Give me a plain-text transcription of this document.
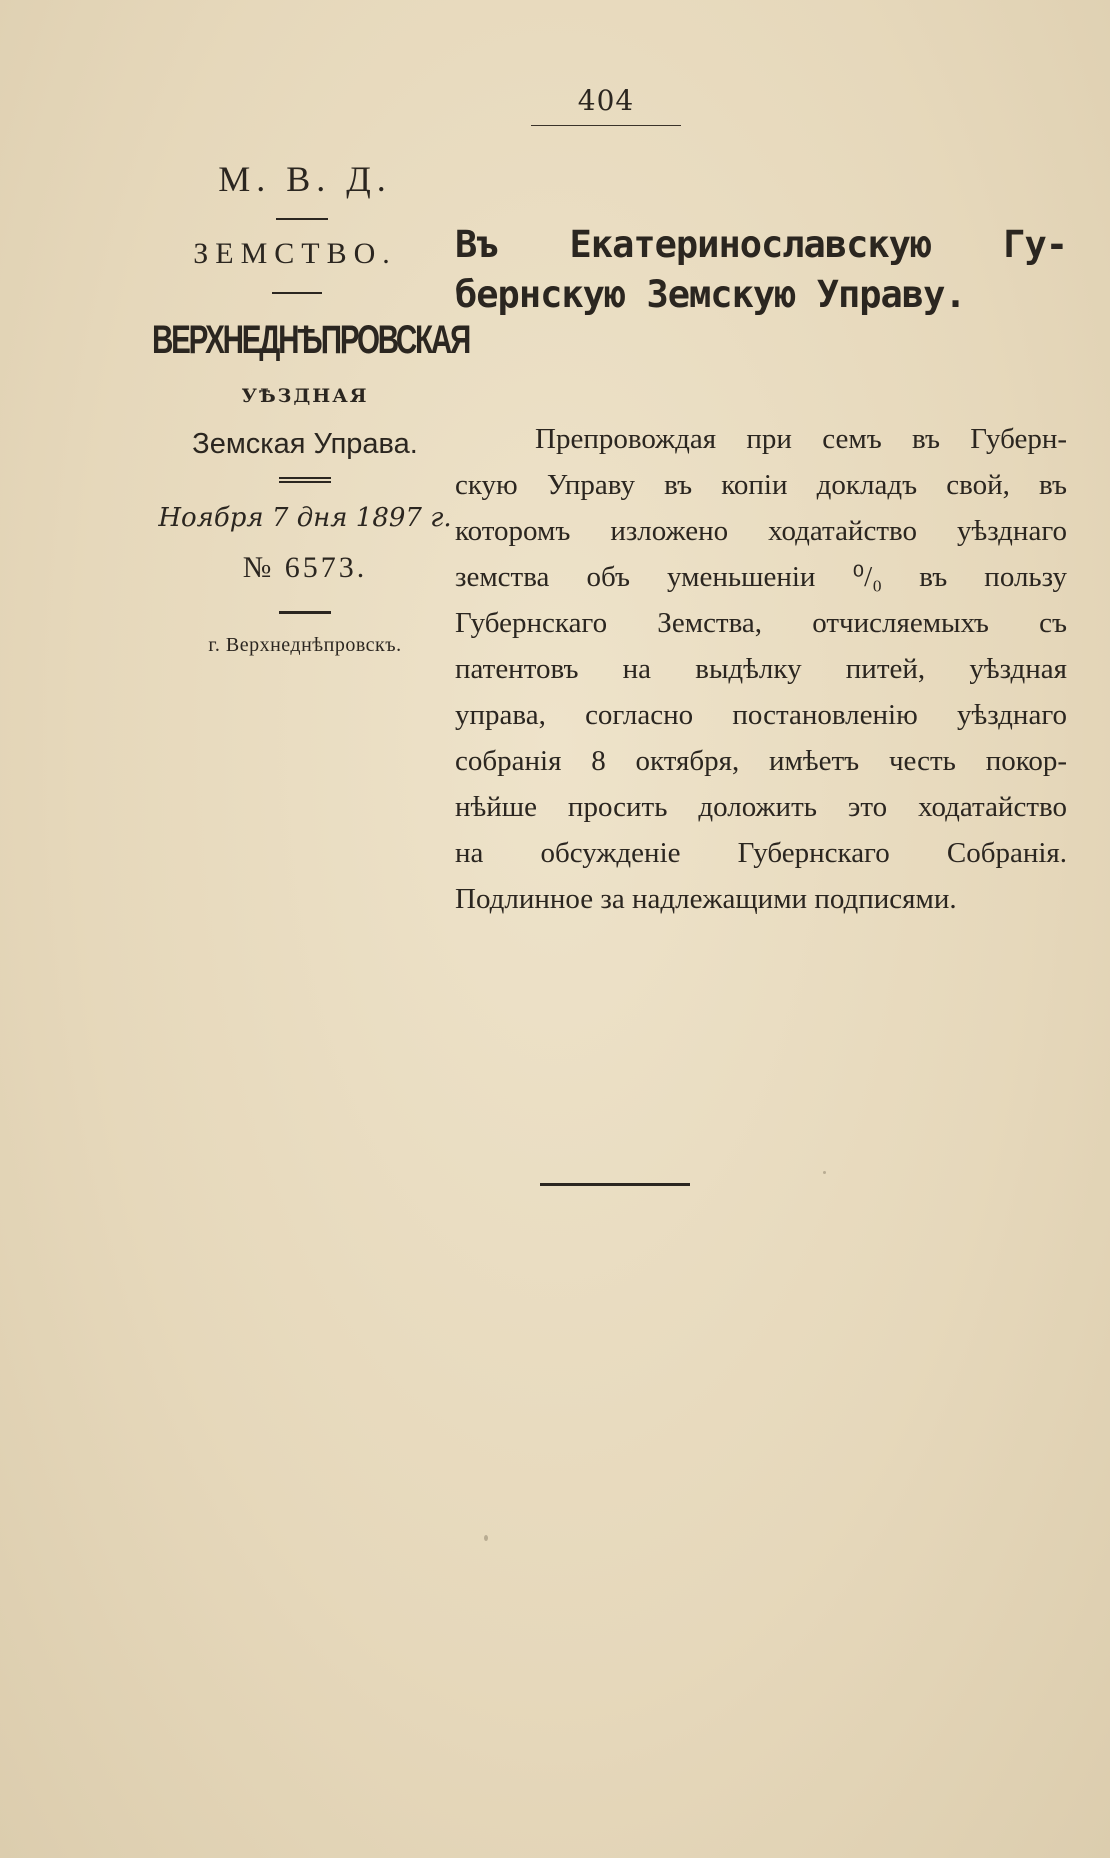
404
М. В. Д.
ЗЕМСТВО.
ВЕРХНЕДНѢПРОВСКАЯ
УѢЗДНАЯ
Земская Управа.
Ноября 7 дня 1897 г.
№ 6573.
г. Верхнеднѣпровскъ.
Въ Екатеринославскую Гу-
бернскую Земскую Управу.
Препровождая при семъ въ Губерн-
скую Управу въ копіи докладъ свой, въ
которомъ изложено ходатайство уѣзднаго
земства объ уменьшеніи ⁰/₀ въ пользу
Губернскаго Земства, отчисляемыхъ съ
патентовъ на выдѣлку питей, уѣздная
управа, согласно постановленію уѣзднаго
собранія 8 октября, имѣетъ честь покор-
нѣйше просить доложить это ходатайство
на обсужденіе Губернскаго Собранія.
Подлинное за надлежащими подписями.
